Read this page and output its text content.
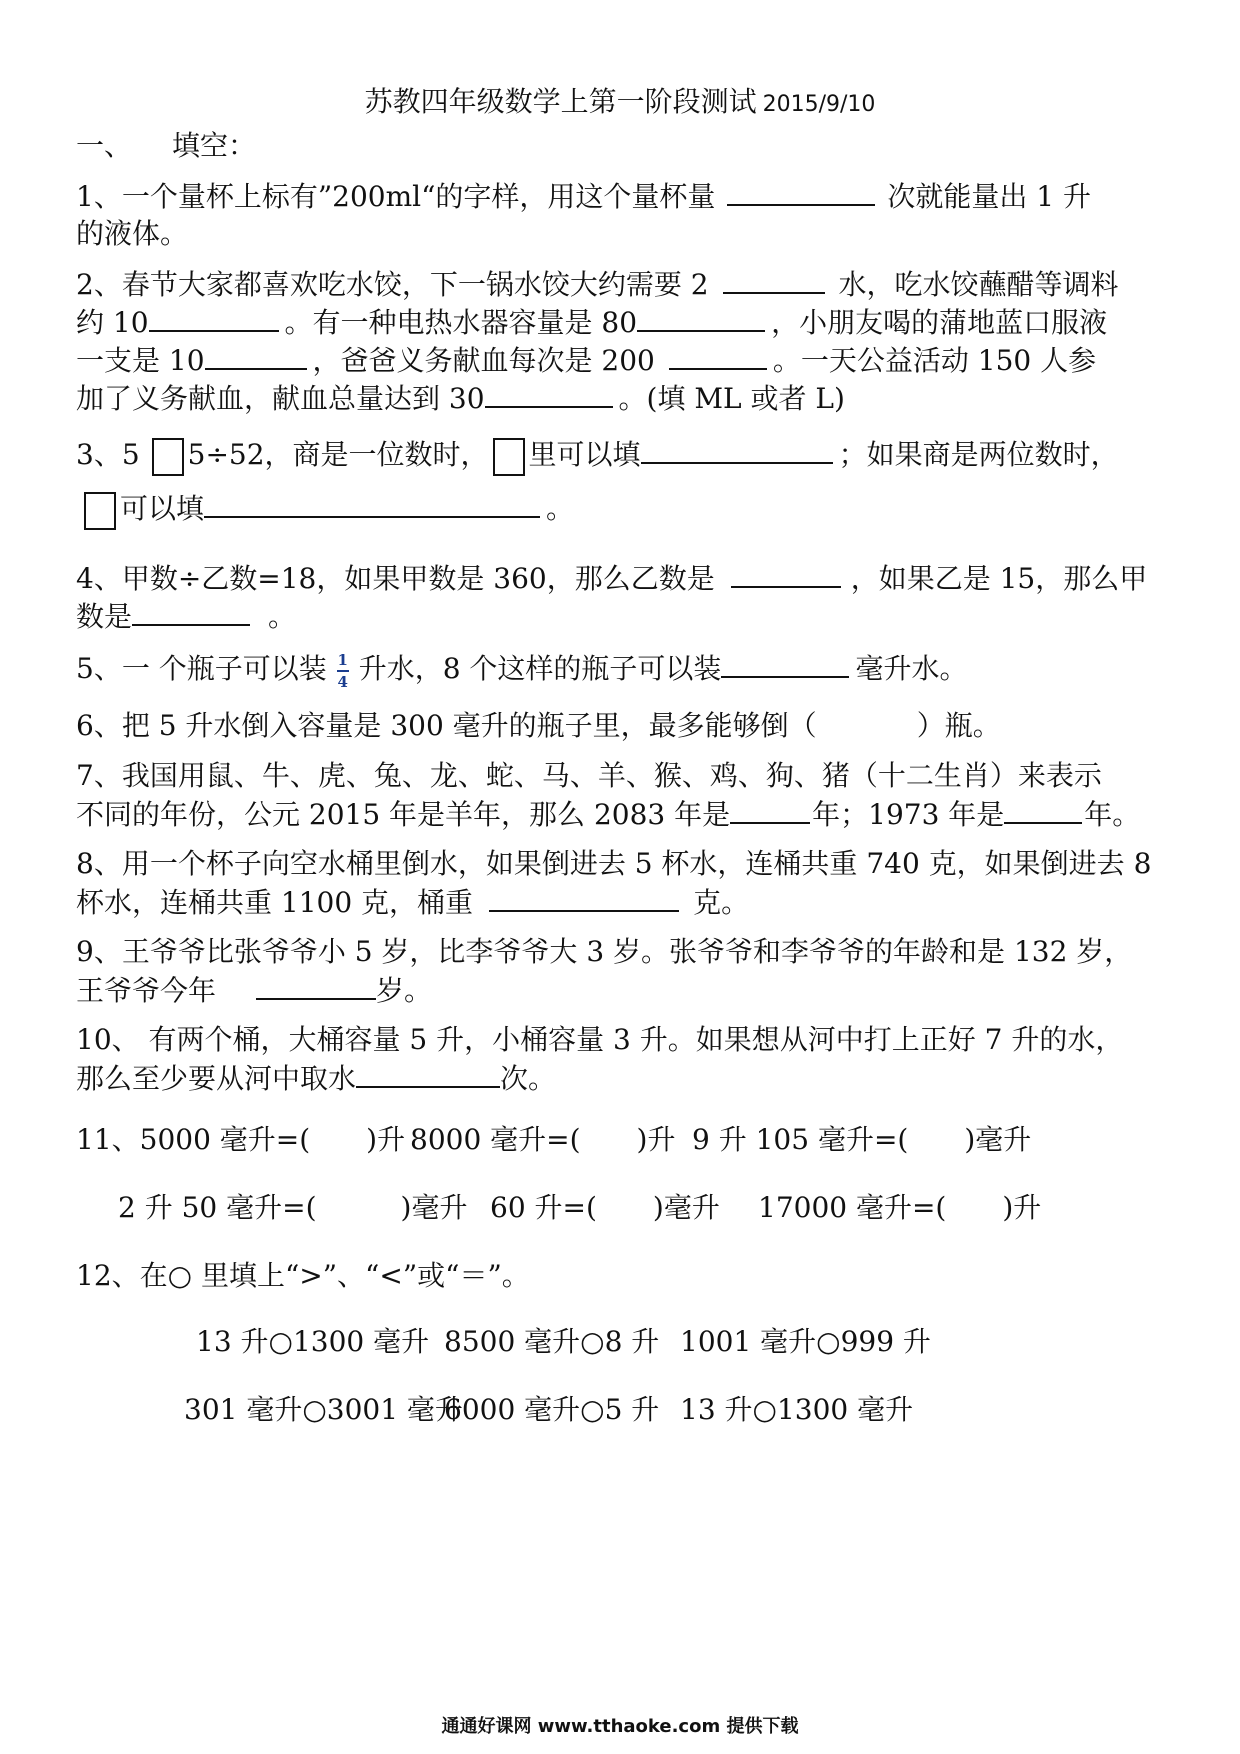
苏教四年级数学上第一阶段测试 2015/9/10
一、 填空：
1、一个量杯上标有”200ml“的字样，用这个量杯量	次就能量出 1 升
的液体。
2、春节大家都喜欢吃水饺，下一锅水饺大约需要 2	水，吃水饺蘸醋等调料
约 10	。有一种电热水器容量是 80	，小朋友喝的蒲地蓝口服液
一支是 10	，爸爸义务献血每次是 200	。一天公益活动 150 人参
加了义务献血，献血总量达到 30	。(填 ML 或者 L)
3、5 5÷52，商是一位数时， 里可以填	；如果商是两位数时，
可以填	。
4、甲数÷乙数=18，如果甲数是 360，那么乙数是	，如果乙是 15，那么甲
数是	。
5、一 个瓶子可以装 $\frac{1}{4}$ 升水，8 个这样的瓶子可以装	毫升水。
6、把 5 升水倒入容量是 300 毫升的瓶子里，最多能够倒（	）瓶。
7、我国用鼠、牛、虎、兔、龙、蛇、马、羊、猴、鸡、狗、猪（十二生肖）来表示
不同的年份，公元 2015 年是羊年，那么 2083 年是	年；1973 年是	年。
8、用一个杯子向空水桶里倒水，如果倒进去 5 杯水，连桶共重 740 克，如果倒进去 8
杯水，连桶共重 1100 克，桶重	克。
9、王爷爷比张爷爷小 5 岁，比李爷爷大 3 岁。张爷爷和李爷爷的年龄和是 132 岁，
王爷爷今年	岁。
10、 有两个桶，大桶容量 5 升，小桶容量 3 升。如果想从河中打上正好 7 升的水，
那么至少要从河中取水	次。
11、5000 毫升=(　　)升 8000 毫升=(　　)升 9 升 105 毫升=(　　)毫升
2 升 50 毫升=(　　　)毫升 60 升=(　　)毫升 17000 毫升=(　　)升
12、在○ 里填上“>”、“<”或“＝”。
13 升○1300 毫升 8500 毫升○8 升 1001 毫升○999 升
301 毫升○3001 毫升
6000 毫升○5 升 13 升○1300 毫升
通通好课网 www.tthaoke.com 提供下载
